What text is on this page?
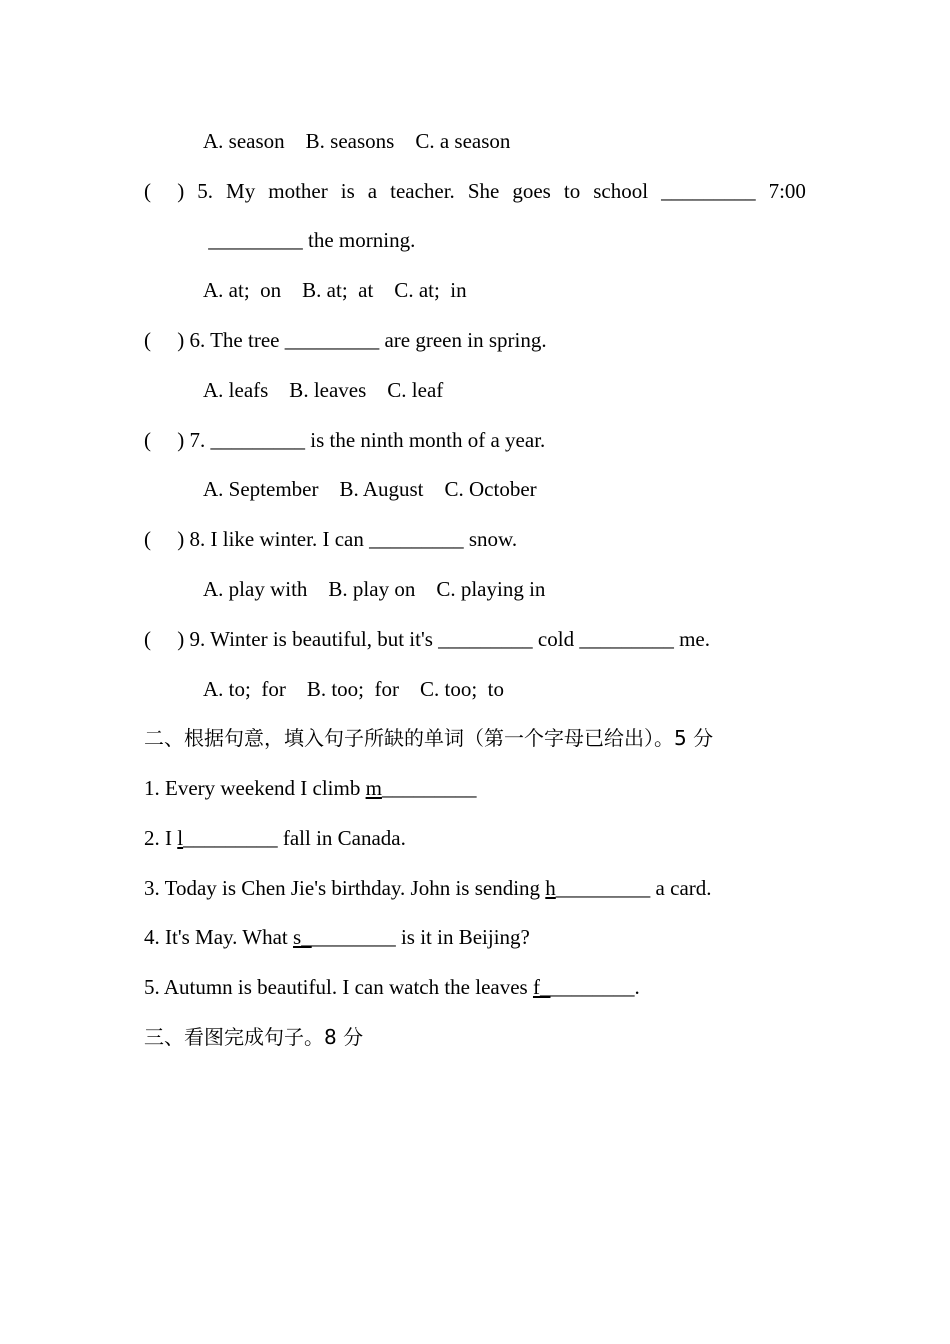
A. season    B. seasons    C. a season
(     ) 5. My mother is a teacher. She goes to school _________ 7:00
_________ the morning.
A. at;  on    B. at;  at    C. at;  in
(     ) 6. The tree _________ are green in spring.
A. leafs    B. leaves    C. leaf
(     ) 7. _________ is the ninth month of a year.
A. September    B. August    C. October
(     ) 8. I like winter. I can _________ snow.
A. play with    B. play on    C. playing in
(     ) 9. Winter is beautiful, but it's _________ cold _________ me.
A. to;  for    B. too;  for    C. too;  to
二、根据句意，填入句子所缺的单词（第一个字母已给出）。5 分
1. Every weekend I climb m_________
2. I l_________ fall in Canada.
3. Today is Chen Jie's birthday. John is sending h_________ a card.
4. It's May. What s_________ is it in Beijing?
5. Autumn is beautiful. I can watch the leaves f_________.
三、看图完成句子。8 分
